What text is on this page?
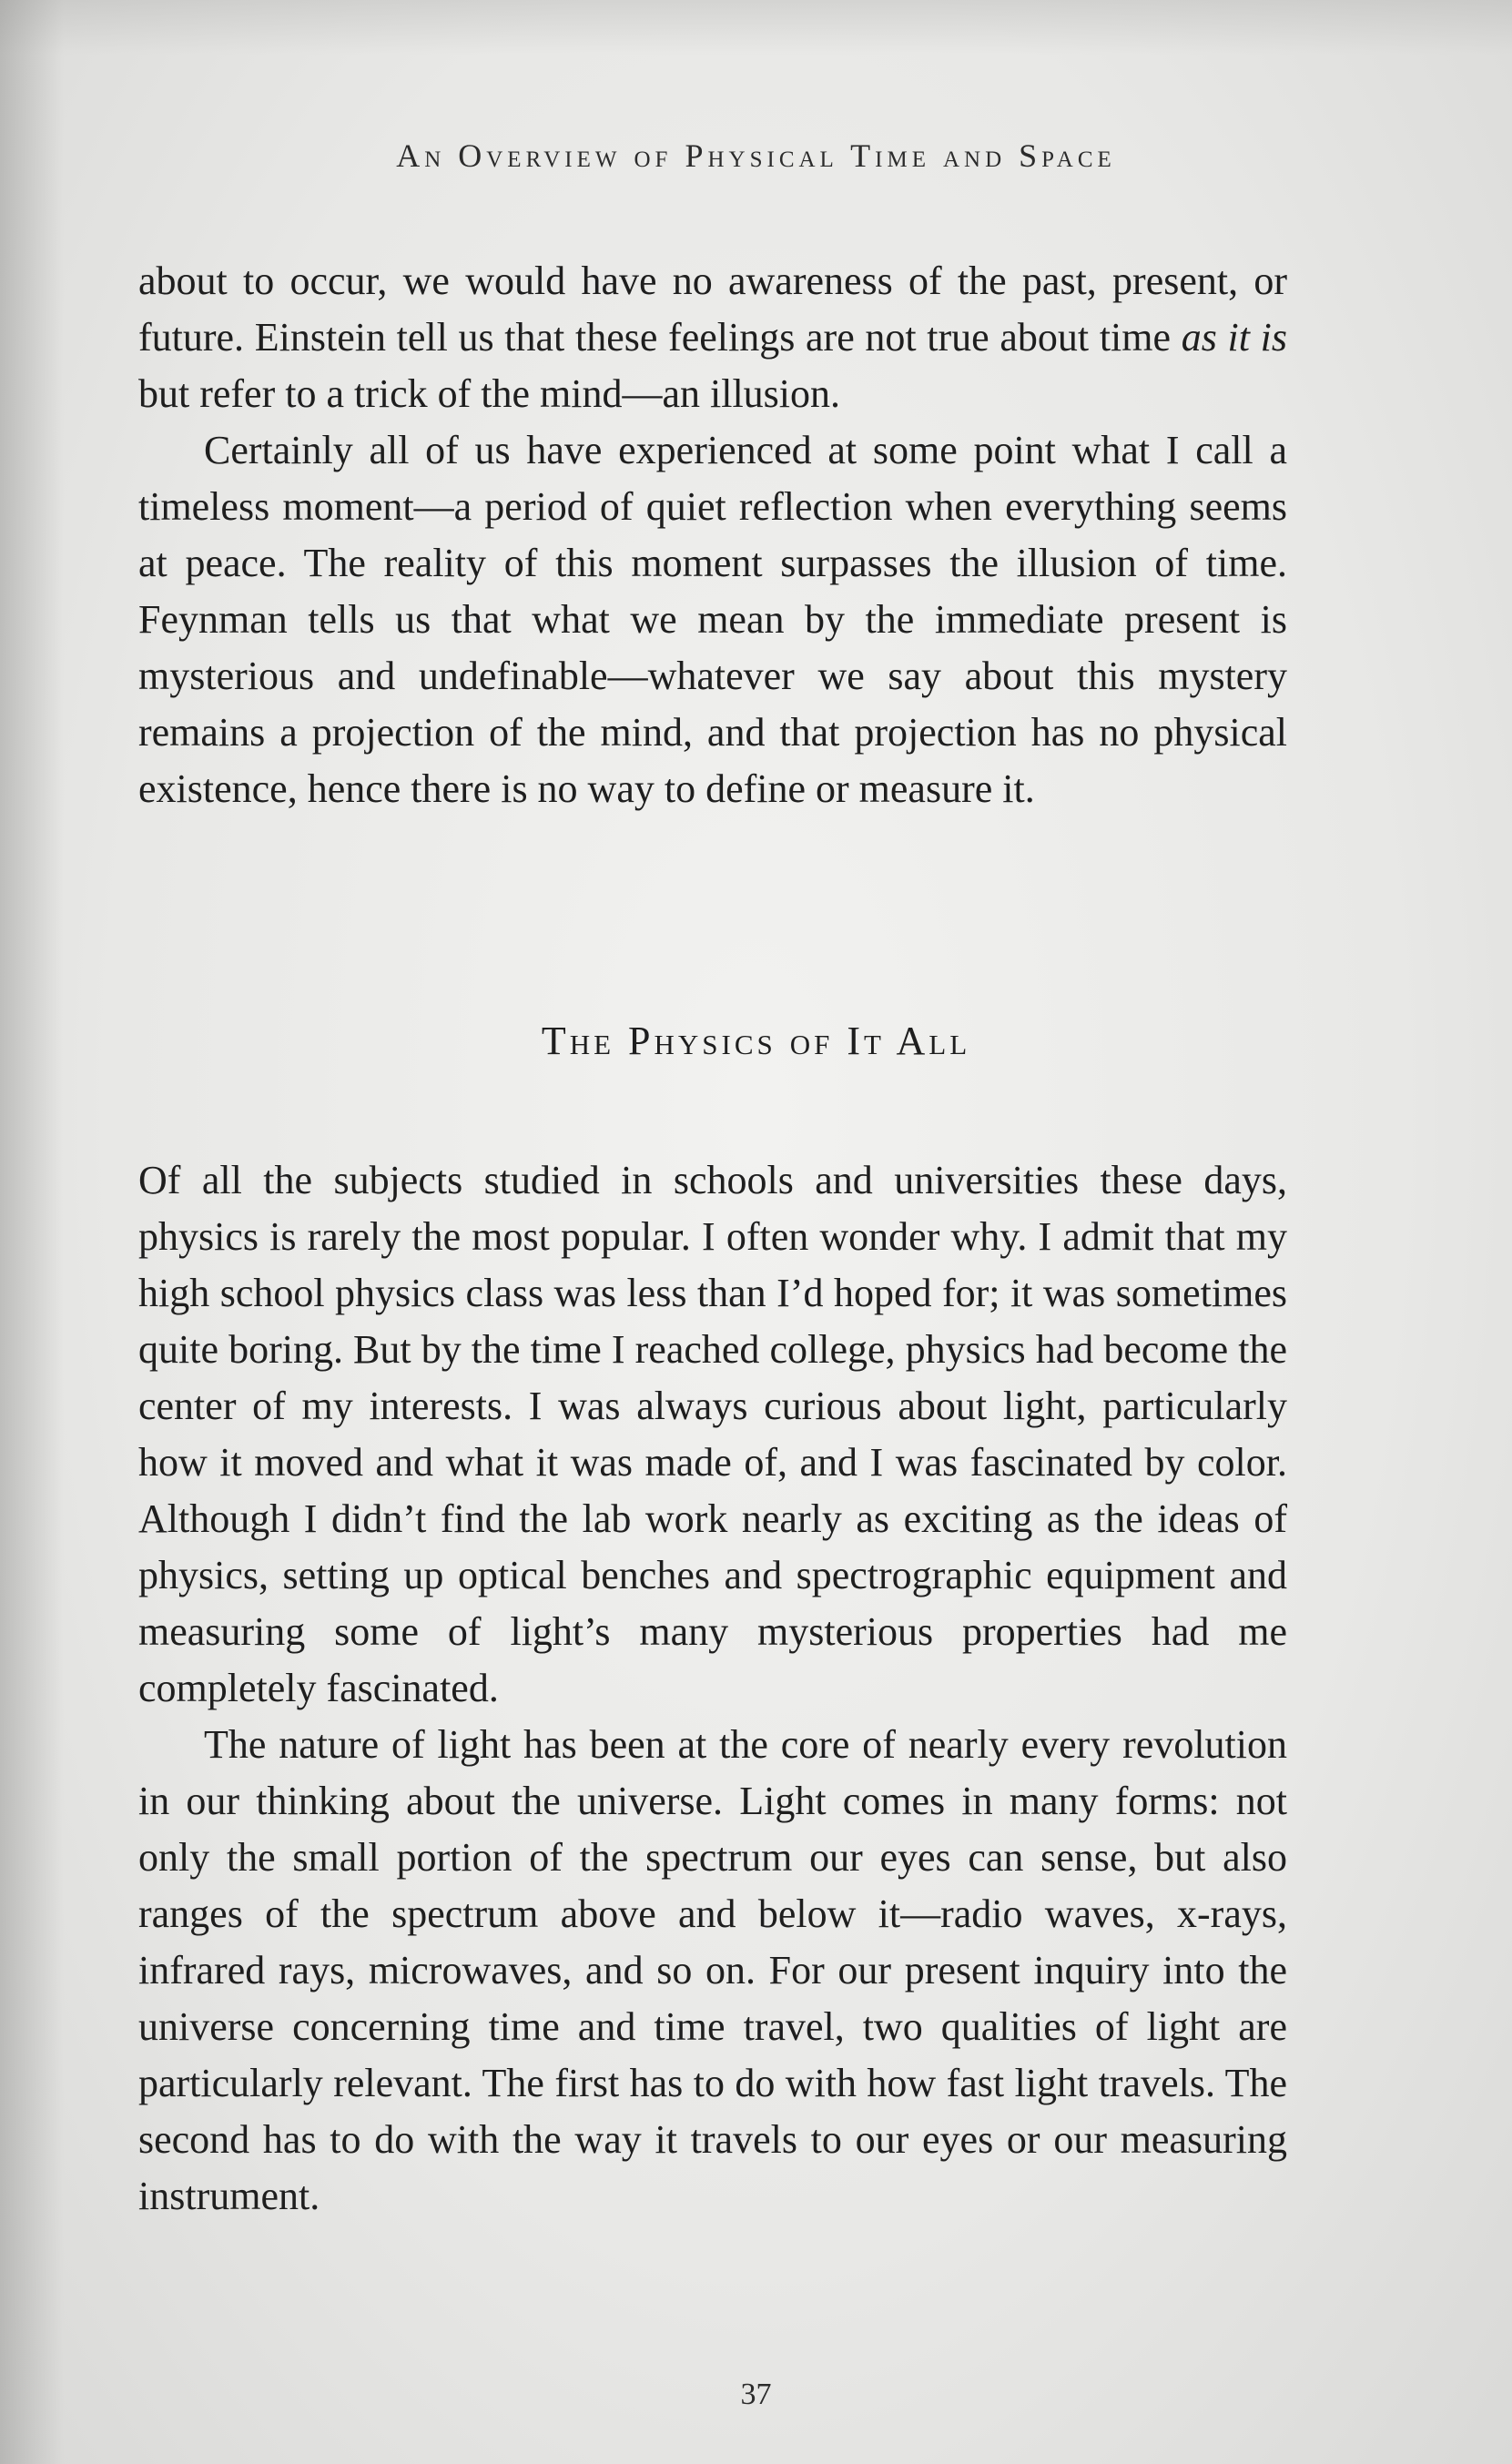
An Overview of Physical Time and Space

about to occur, we would have no awareness of the past, present, or future. Einstein tell us that these feelings are not true about time as it is but refer to a trick of the mind—an illusion.

Certainly all of us have experienced at some point what I call a timeless moment—a period of quiet reflection when everything seems at peace. The reality of this moment surpasses the illusion of time. Feynman tells us that what we mean by the immediate present is mysterious and undefinable—whatever we say about this mystery remains a projection of the mind, and that projection has no physical existence, hence there is no way to define or measure it.

The Physics of It All

Of all the subjects studied in schools and universities these days, physics is rarely the most popular. I often wonder why. I admit that my high school physics class was less than I’d hoped for; it was sometimes quite boring. But by the time I reached college, physics had become the center of my interests. I was always curious about light, particularly how it moved and what it was made of, and I was fascinated by color. Although I didn’t find the lab work nearly as exciting as the ideas of physics, setting up optical benches and spectrographic equipment and measuring some of light’s many mysterious properties had me completely fascinated.

The nature of light has been at the core of nearly every revolution in our thinking about the universe. Light comes in many forms: not only the small portion of the spectrum our eyes can sense, but also ranges of the spectrum above and below it—radio waves, x-rays, infrared rays, microwaves, and so on. For our present inquiry into the universe concerning time and time travel, two qualities of light are particularly relevant. The first has to do with how fast light travels. The second has to do with the way it travels to our eyes or our measuring instrument.

37
